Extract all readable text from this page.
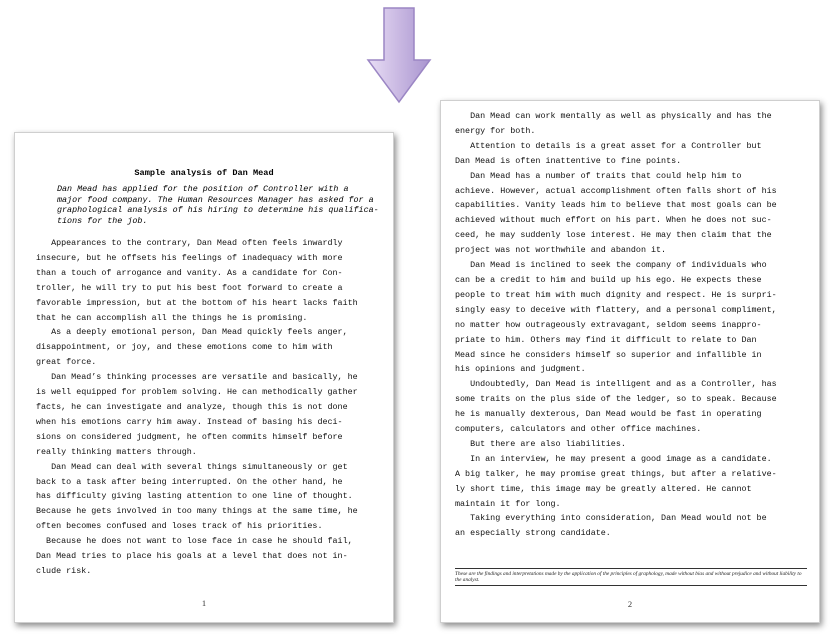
Sample analysis of Dan Mead
Dan Mead has applied for the position of Controller with a
major food company. The Human Resources Manager has asked for a
graphological analysis of his hiring to determine his qualifica-
tions for the job.
Appearances to the contrary, Dan Mead often feels inwardly
insecure, but he offsets his feelings of inadequacy with more
than a touch of arrogance and vanity. As a candidate for Con-
troller, he will try to put his best foot forward to create a
favorable impression, but at the bottom of his heart lacks faith
that he can accomplish all the things he is promising.
As a deeply emotional person, Dan Mead quickly feels anger,
disappointment, or joy, and these emotions come to him with
great force.
Dan Mead’s thinking processes are versatile and basically, he
is well equipped for problem solving. He can methodically gather
facts, he can investigate and analyze, though this is not done
when his emotions carry him away. Instead of basing his deci-
sions on considered judgment, he often commits himself before
really thinking matters through.
Dan Mead can deal with several things simultaneously or get
back to a task after being interrupted. On the other hand, he
has difficulty giving lasting attention to one line of thought.
Because he gets involved in too many things at the same time, he
often becomes confused and loses track of his priorities.
Because he does not want to lose face in case he should fail,
Dan Mead tries to place his goals at a level that does not in-
clude risk.
1
Dan Mead can work mentally as well as physically and has the
energy for both.
Attention to details is a great asset for a Controller but
Dan Mead is often inattentive to fine points.
Dan Mead has a number of traits that could help him to
achieve. However, actual accomplishment often falls short of his
capabilities. Vanity leads him to believe that most goals can be
achieved without much effort on his part. When he does not suc-
ceed, he may suddenly lose interest. He may then claim that the
project was not worthwhile and abandon it.
Dan Mead is inclined to seek the company of individuals who
can be a credit to him and build up his ego. He expects these
people to treat him with much dignity and respect. He is surpri-
singly easy to deceive with flattery, and a personal compliment,
no matter how outrageously extravagant, seldom seems inappro-
priate to him. Others may find it difficult to relate to Dan
Mead since he considers himself so superior and infallible in
his opinions and judgment.
Undoubtedly, Dan Mead is intelligent and as a Controller, has
some traits on the plus side of the ledger, so to speak. Because
he is manually dexterous, Dan Mead would be fast in operating
computers, calculators and other office machines.
But there are also liabilities.
In an interview, he may present a good image as a candidate.
A big talker, he may promise great things, but after a relative-
ly short time, this image may be greatly altered. He cannot
maintain it for long.
Taking everything into consideration, Dan Mead would not be
an especially strong candidate.
These are the findings and interpretations made by the application of the principles of graphology, made without bias and without prejudice and without liability to the analyst.
2
